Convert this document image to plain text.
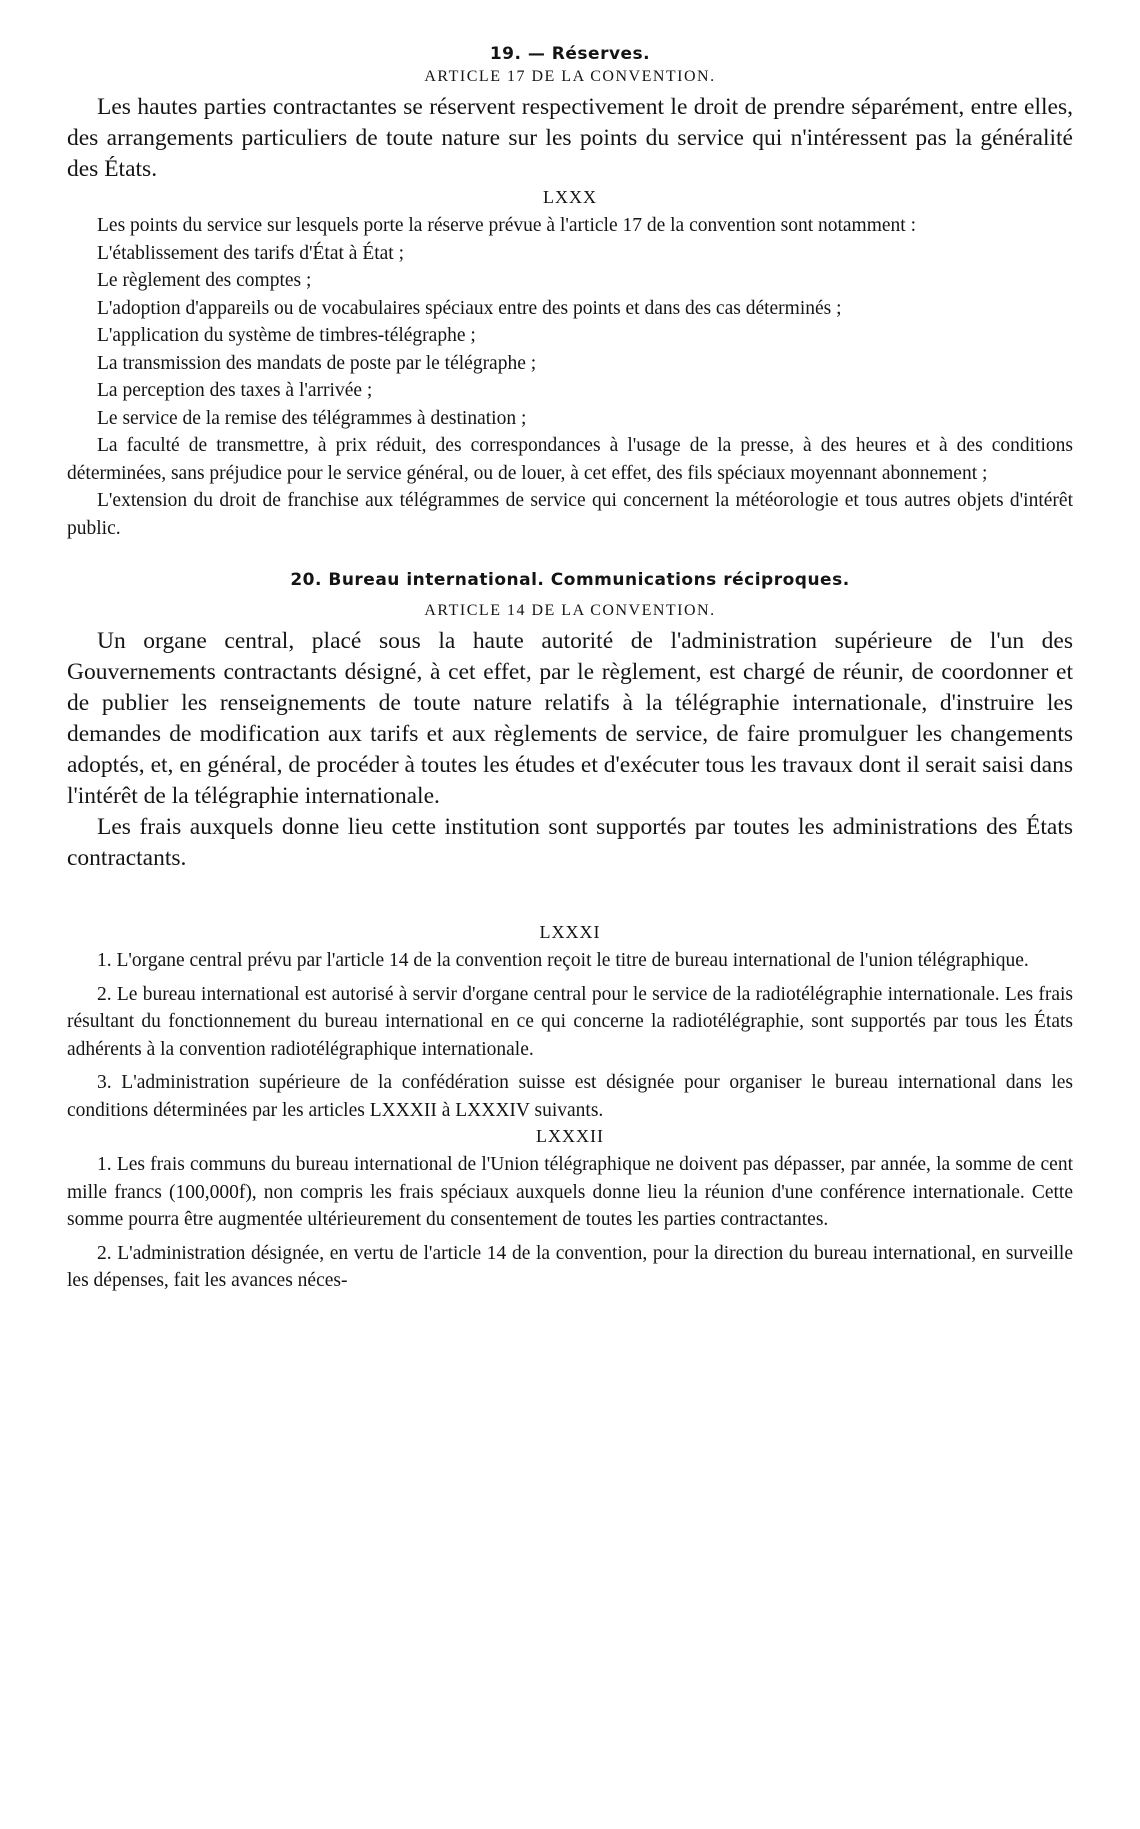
19. — Réserves.
ARTICLE 17 DE LA CONVENTION.

Les hautes parties contractantes se réservent respectivement le droit de prendre séparément, entre elles, des arrangements particuliers de toute nature sur les points du service qui n'intéressent pas la généralité des États.

LXXX

Les points du service sur lesquels porte la réserve prévue à l'article 17 de la convention sont notamment :

L'établissement des tarifs d'État à État ;

Le règlement des comptes ;

L'adoption d'appareils ou de vocabulaires spéciaux entre des points et dans des cas déterminés ;

L'application du système de timbres-télégraphe ;

La transmission des mandats de poste par le télégraphe ;

La perception des taxes à l'arrivée ;

Le service de la remise des télégrammes à destination ;

La faculté de transmettre, à prix réduit, des correspondances à l'usage de la presse, à des heures et à des conditions déterminées, sans préjudice pour le service général, ou de louer, à cet effet, des fils spéciaux moyennant abonnement ;

L'extension du droit de franchise aux télégrammes de service qui concernent la météorologie et tous autres objets d'intérêt public.

20. Bureau international. Communications réciproques.
ARTICLE 14 DE LA CONVENTION.

Un organe central, placé sous la haute autorité de l'administration supérieure de l'un des Gouvernements contractants désigné, à cet effet, par le règlement, est chargé de réunir, de coordonner et de publier les renseignements de toute nature relatifs à la télégraphie internationale, d'instruire les demandes de modification aux tarifs et aux règlements de service, de faire promulguer les changements adoptés, et, en général, de procéder à toutes les études et d'exécuter tous les travaux dont il serait saisi dans l'intérêt de la télégraphie internationale.

Les frais auxquels donne lieu cette institution sont supportés par toutes les administrations des États contractants.

LXXXI

1. L'organe central prévu par l'article 14 de la convention reçoit le titre de bureau international de l'union télégraphique.

2. Le bureau international est autorisé à servir d'organe central pour le service de la radiotélégraphie internationale. Les frais résultant du fonctionnement du bureau international en ce qui concerne la radiotélégraphie, sont supportés par tous les États adhérents à la convention radiotélégraphique internationale.

3. L'administration supérieure de la confédération suisse est désignée pour organiser le bureau international dans les conditions déterminées par les articles LXXXII à LXXXIV suivants.

LXXXII

1. Les frais communs du bureau international de l'Union télégraphique ne doivent pas dépasser, par année, la somme de cent mille francs (100,000f), non compris les frais spéciaux auxquels donne lieu la réunion d'une conférence internationale. Cette somme pourra être augmentée ultérieurement du consentement de toutes les parties contractantes.

2. L'administration désignée, en vertu de l'article 14 de la convention, pour la direction du bureau international, en surveille les dépenses, fait les avances néces-
